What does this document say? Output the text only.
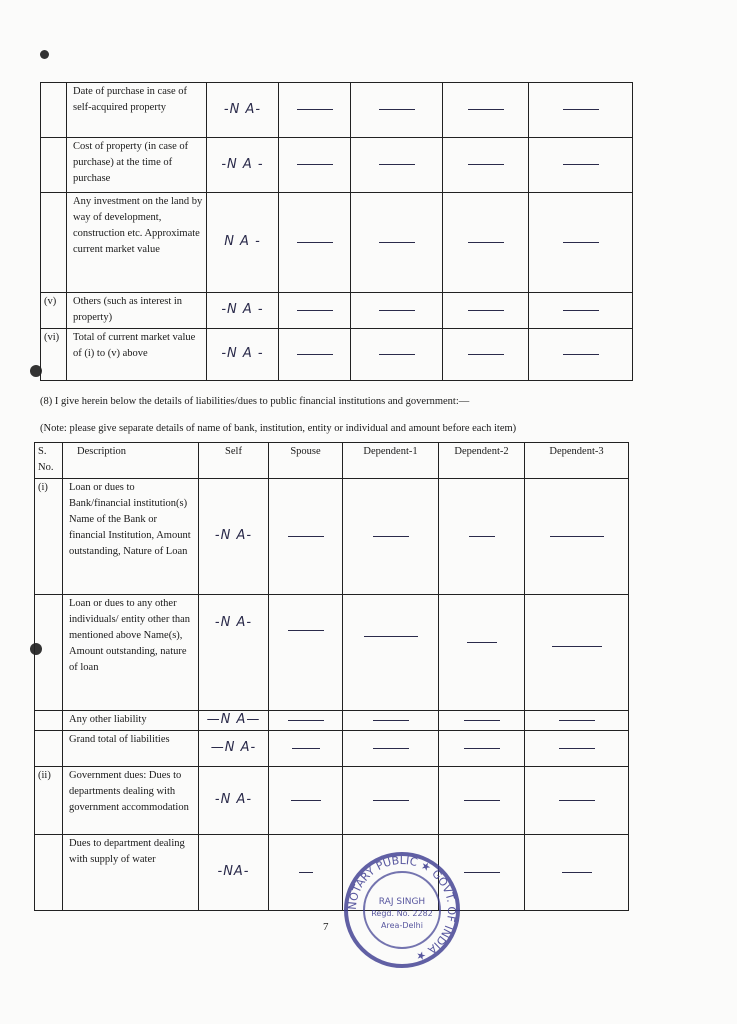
	Date of purchase in case of self-acquired property	-N A-				
	Cost of property (in case of purchase) at the time of purchase	-N A -				
	Any investment on the land by way of development, construction etc. Approximate current market value	N A -				
(v)	Others (such as interest in property)	-N A -				
(vi)	Total of current market value of (i) to (v) above	-N A -				
(8) I give herein below the details of liabilities/dues to public financial institutions and government:—
(Note: please give separate details of name of bank, institution, entity or individual and amount before each item)
S. No.	Description	Self	Spouse	Dependent-1	Dependent-2	Dependent-3
(i)	Loan or dues to Bank/financial institution(s) Name of the Bank or financial Institution, Amount outstanding, Nature of Loan	-N A-				
	Loan or dues to any other individuals/ entity other than mentioned above Name(s), Amount outstanding, nature of loan	-N A-				
	Any other liability	—N A—				
	Grand total of liabilities	—N A-				
(ii)	Government dues: Dues to departments dealing with government accommodation	-N A-				
	Dues to department dealing with supply of water	-NA-				
7
NOTARY PUBLIC ★ GOVT. OF INDIA ★
RAJ SINGH
Regd. No. 2282
Area-Delhi
